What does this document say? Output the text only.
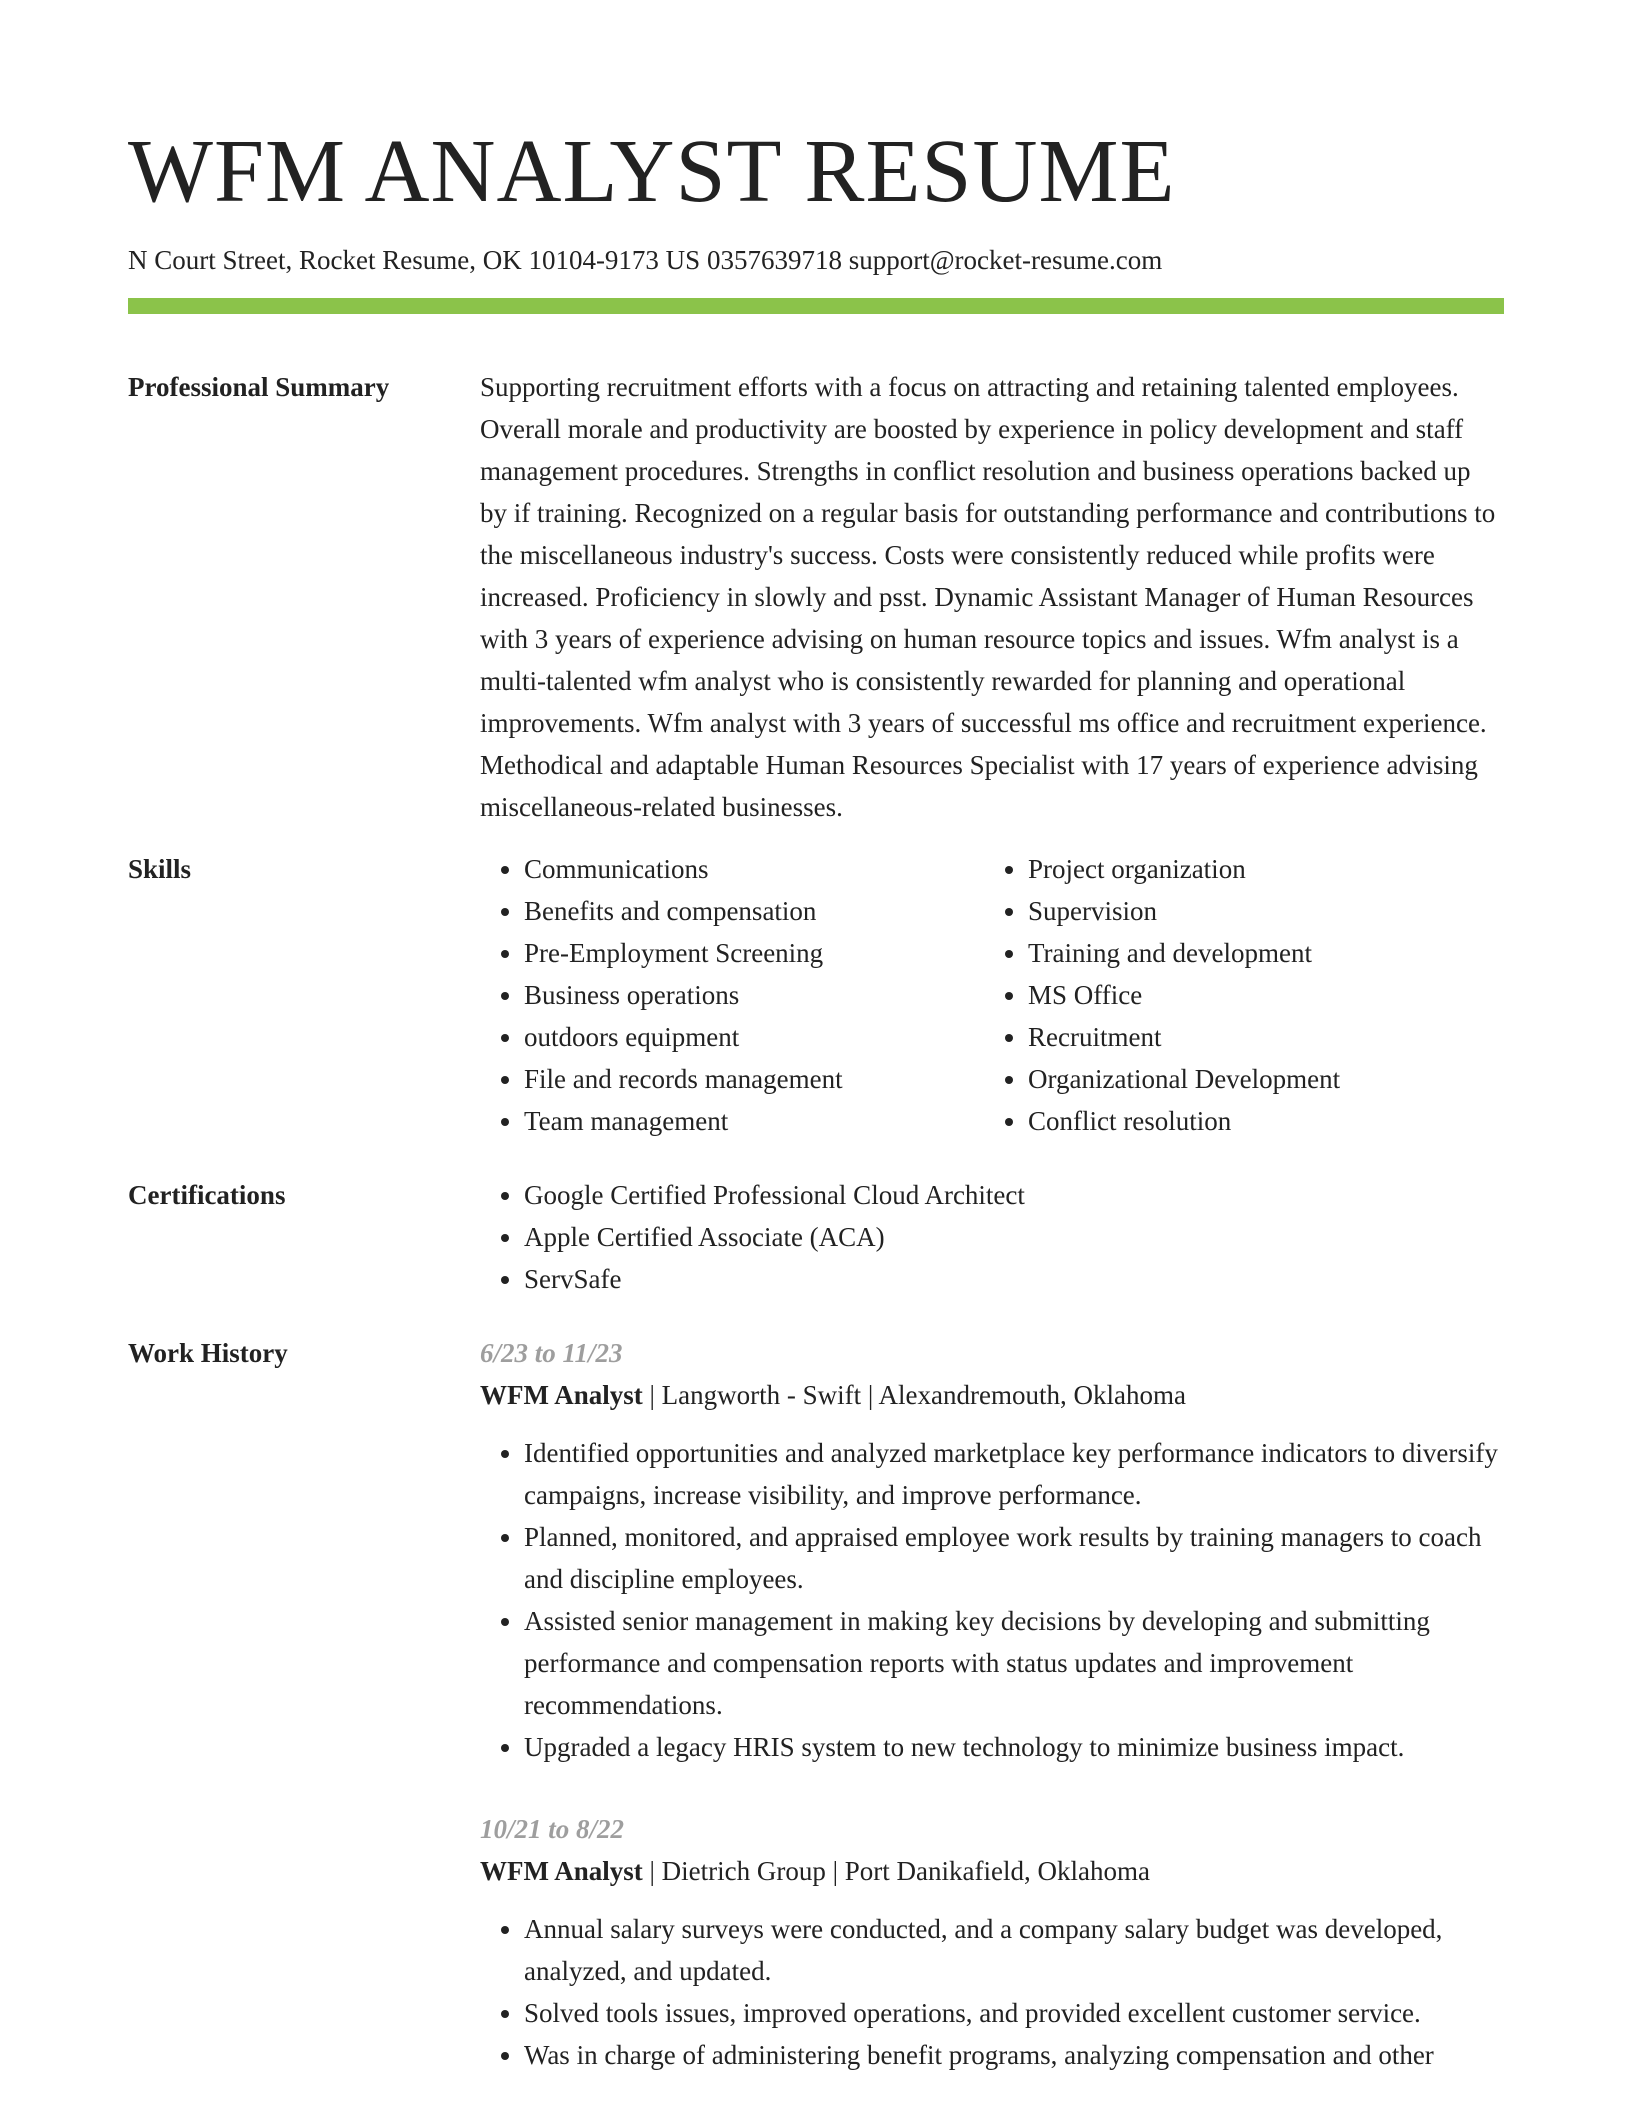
WFM ANALYST RESUME
N Court Street, Rocket Resume, OK 10104-9173 US 0357639718 support@rocket-resume.com
Professional Summary	Supporting recruitment efforts with a focus on attracting and retaining talented employees. Overall morale and productivity are boosted by experience in policy development and staff management procedures. Strengths in conflict resolution and business operations backed up by if training. Recognized on a regular basis for outstanding performance and contributions to the miscellaneous industry's success. Costs were consistently reduced while profits were increased. Proficiency in slowly and psst. Dynamic Assistant Manager of Human Resources with 3 years of experience advising on human resource topics and issues. Wfm analyst is a multi-talented wfm analyst who is consistently rewarded for planning and operational improvements. Wfm analyst with 3 years of successful ms office and recruitment experience. Methodical and adaptable Human Resources Specialist with 17 years of experience advising miscellaneous-related businesses.

Skills	• Communications
• Benefits and compensation
• Pre-Employment Screening
• Business operations
• outdoors equipment
• File and records management
• Team management
• Project organization
• Supervision
• Training and development
• MS Office
• Recruitment
• Organizational Development
• Conflict resolution
Certifications	• Google Certified Professional Cloud Architect
• Apple Certified Associate (ACA)
• ServSafe
Work History	6/23 to 11/23

WFM Analyst | Langworth - Swift | Alexandremouth, Oklahoma

• Identified opportunities and analyzed marketplace key performance indicators to diversify campaigns, increase visibility, and improve performance.
• Planned, monitored, and appraised employee work results by training managers to coach and discipline employees.
• Assisted senior management in making key decisions by developing and submitting performance and compensation reports with status updates and improvement recommendations.
• Upgraded a legacy HRIS system to new technology to minimize business impact.
10/21 to 8/22

WFM Analyst | Dietrich Group | Port Danikafield, Oklahoma

• Annual salary surveys were conducted, and a company salary budget was developed, analyzed, and updated.
• Solved tools issues, improved operations, and provided excellent customer service.
• Was in charge of administering benefit programs, analyzing compensation and other
